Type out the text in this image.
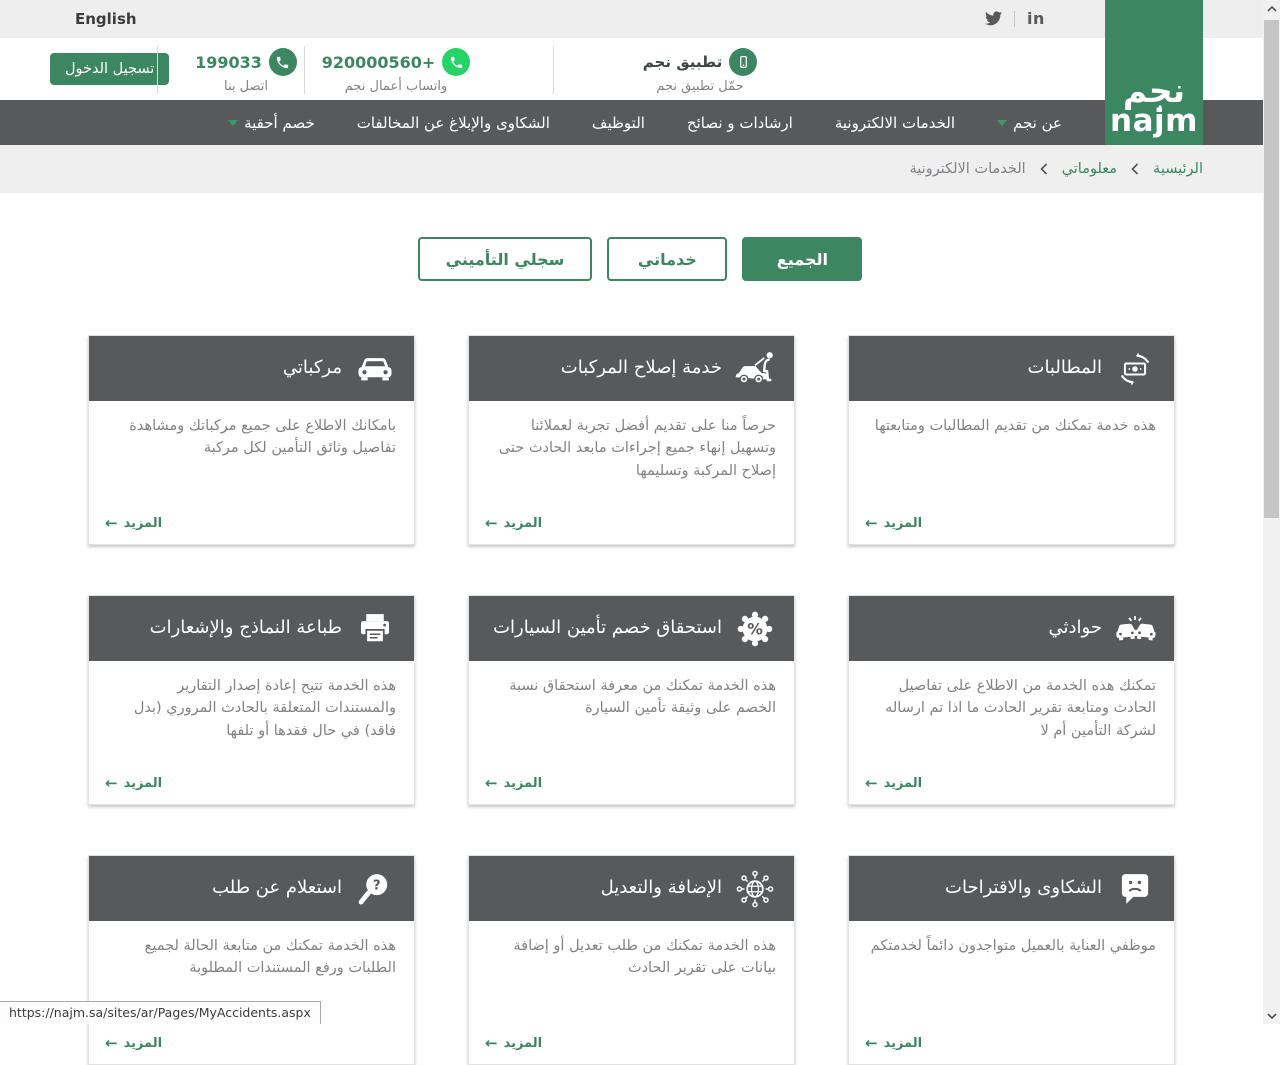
English	in
تسجيل الدخول	199033
اتصل بنا
+920000560
واتساب أعمال نجم
تطبيق نجم
حمّل تطبيق نجم	نجم
najm
عن نجم
الخدمات الالكترونية
ارشادات و نصائح
التوظيف
الشكاوى والإبلاغ عن المخالفات
خصم أحقية
الرئيسية
معلوماتي
الخدمات الالكترونية
الجميع
خدماتي
سجلي التأميني
المطالبات
هذه خدمة تمكنك من تقديم المطالبات ومتابعتها
المزيد
←
خدمة إصلاح المركبات
حرصاً منا على تقديم أفضل تجربة لعملائنا وتسهيل إنهاء جميع إجراءات مابعد الحادث حتى إصلاح المركبة وتسليمها
المزيد
←
مركباتي
بامكانك الاطلاع على جميع مركباتك ومشاهدة تفاصيل وثائق التأمين لكل مركبة
المزيد
←
حوادثي
تمكنك هذه الخدمة من الاطلاع على تفاصيل الحادث ومتابعة تقرير الحادث ما اذا تم ارساله لشركة التأمين أم لا
المزيد
←
%
استحقاق خصم تأمين السيارات
هذه الخدمة تمكنك من معرفة استحقاق نسبة الخصم على وثيقة تأمين السيارة
المزيد
←
طباعة النماذج والإشعارات
هذه الخدمة تتيح إعادة إصدار التقارير والمستندات المتعلقة بالحادث المروري (بدل فاقد) في حال فقدها أو تلفها
المزيد
←
الشكاوى والاقتراحات
موظفي العناية بالعميل متواجدون دائماً لخدمتكم
المزيد
←
الإضافة والتعديل
هذه الخدمة تمكنك من طلب تعديل أو إضافة بيانات على تقرير الحادث
المزيد
←
?
استعلام عن طلب
هذه الخدمة تمكنك من متابعة الحالة لجميع الطلبات ورفع المستندات المطلوبة
المزيد
←
https://najm.sa/sites/ar/Pages/MyAccidents.aspx
